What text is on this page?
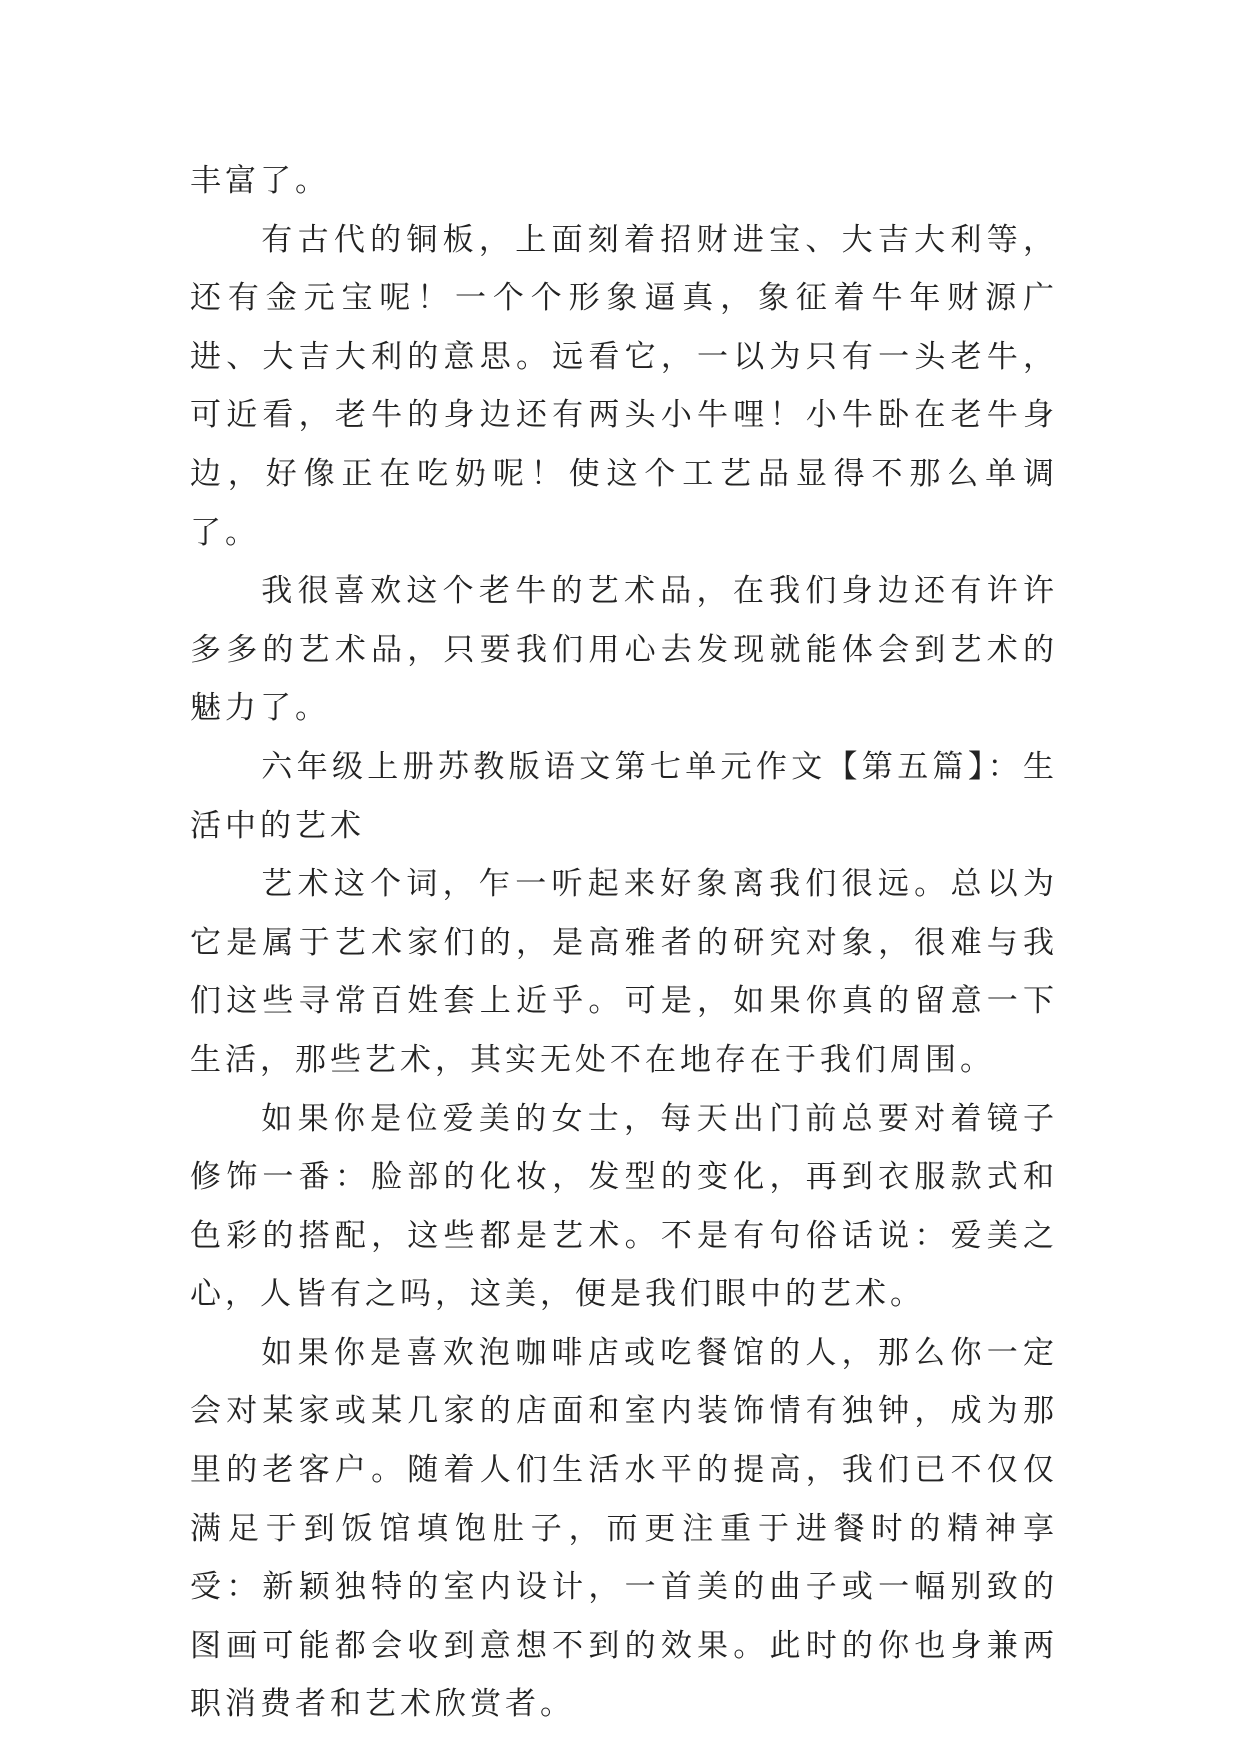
丰富了。

有古代的铜板，上面刻着招财进宝、大吉大利等，还有金元宝呢！一个个形象逼真，象征着牛年财源广进、大吉大利的意思。远看它，一以为只有一头老牛，可近看，老牛的身边还有两头小牛哩！小牛卧在老牛身边，好像正在吃奶呢！使这个工艺品显得不那么单调了。

我很喜欢这个老牛的艺术品，在我们身边还有许许多多的艺术品，只要我们用心去发现就能体会到艺术的魅力了。

六年级上册苏教版语文第七单元作文【第五篇】：生活中的艺术

艺术这个词，乍一听起来好象离我们很远。总以为它是属于艺术家们的，是高雅者的研究对象，很难与我们这些寻常百姓套上近乎。可是，如果你真的留意一下生活，那些艺术，其实无处不在地存在于我们周围。

如果你是位爱美的女士，每天出门前总要对着镜子修饰一番：脸部的化妆，发型的变化，再到衣服款式和色彩的搭配，这些都是艺术。不是有句俗话说：爱美之心，人皆有之吗，这美，便是我们眼中的艺术。

如果你是喜欢泡咖啡店或吃餐馆的人，那么你一定会对某家或某几家的店面和室内装饰情有独钟，成为那里的老客户。随着人们生活水平的提高，我们已不仅仅满足于到饭馆填饱肚子，而更注重于进餐时的精神享受：新颖独特的室内设计，一首美的曲子或一幅别致的图画可能都会收到意想不到的效果。此时的你也身兼两职消费者和艺术欣赏者。
